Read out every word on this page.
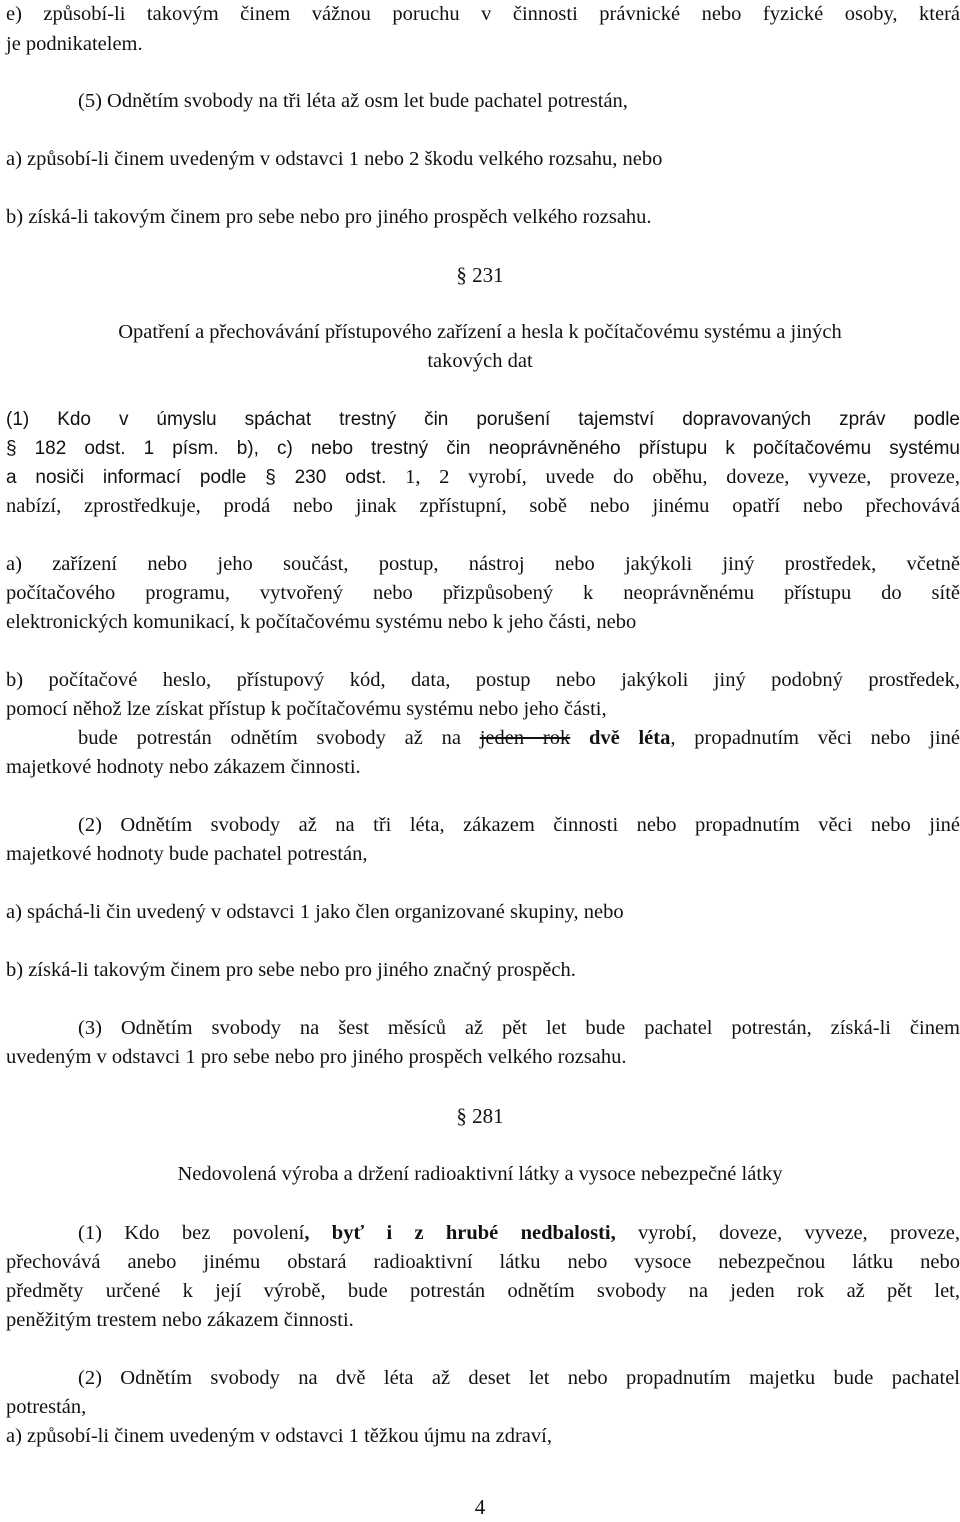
e) způsobí-li takovým činem vážnou poruchu v činnosti právnické nebo fyzické osoby, která

je podnikatelem.

(5) Odnětím svobody na tři léta až osm let bude pachatel potrestán,

a) způsobí-li činem uvedeným v odstavci 1 nebo 2 škodu velkého rozsahu, nebo

b) získá-li takovým činem pro sebe nebo pro jiného prospěch velkého rozsahu.

§ 231

Opatření a přechovávání přístupového zařízení a hesla k počítačovému systému a jiných

takových dat

(1) Kdo v úmyslu spáchat trestný čin porušení tajemství dopravovaných zpráv podle

§ 182 odst. 1 písm. b), c) nebo trestný čin neoprávněného přístupu k počítačovému systému

a nosiči informací podle § 230 odst. 1, 2 vyrobí, uvede do oběhu, doveze, vyveze, proveze,

nabízí, zprostředkuje, prodá nebo jinak zpřístupní, sobě nebo jinému opatří nebo přechovává

a) zařízení nebo jeho součást, postup, nástroj nebo jakýkoli jiný prostředek, včetně

počítačového programu, vytvořený nebo přizpůsobený k neoprávněnému přístupu do sítě

elektronických komunikací, k počítačovému systému nebo k jeho části, nebo

b) počítačové heslo, přístupový kód, data, postup nebo jakýkoli jiný podobný prostředek,

pomocí něhož lze získat přístup k počítačovému systému nebo jeho části,

bude potrestán odnětím svobody až na jeden rok dvě léta, propadnutím věci nebo jiné

majetkové hodnoty nebo zákazem činnosti.

(2) Odnětím svobody až na tři léta, zákazem činnosti nebo propadnutím věci nebo jiné

majetkové hodnoty bude pachatel potrestán,

a) spáchá-li čin uvedený v odstavci 1 jako člen organizované skupiny, nebo

b) získá-li takovým činem pro sebe nebo pro jiného značný prospěch.

(3) Odnětím svobody na šest měsíců až pět let bude pachatel potrestán, získá-li činem

uvedeným v odstavci 1 pro sebe nebo pro jiného prospěch velkého rozsahu.

§ 281

Nedovolená výroba a držení radioaktivní látky a vysoce nebezpečné látky

(1) Kdo bez povolení, byť i z hrubé nedbalosti, vyrobí, doveze, vyveze, proveze,

přechovává anebo jinému obstará radioaktivní látku nebo vysoce nebezpečnou látku nebo

předměty určené k její výrobě, bude potrestán odnětím svobody na jeden rok až pět let,

peněžitým trestem nebo zákazem činnosti.

(2) Odnětím svobody na dvě léta až deset let nebo propadnutím majetku bude pachatel

potrestán,

a) způsobí-li činem uvedeným v odstavci 1 těžkou újmu na zdraví,

4
